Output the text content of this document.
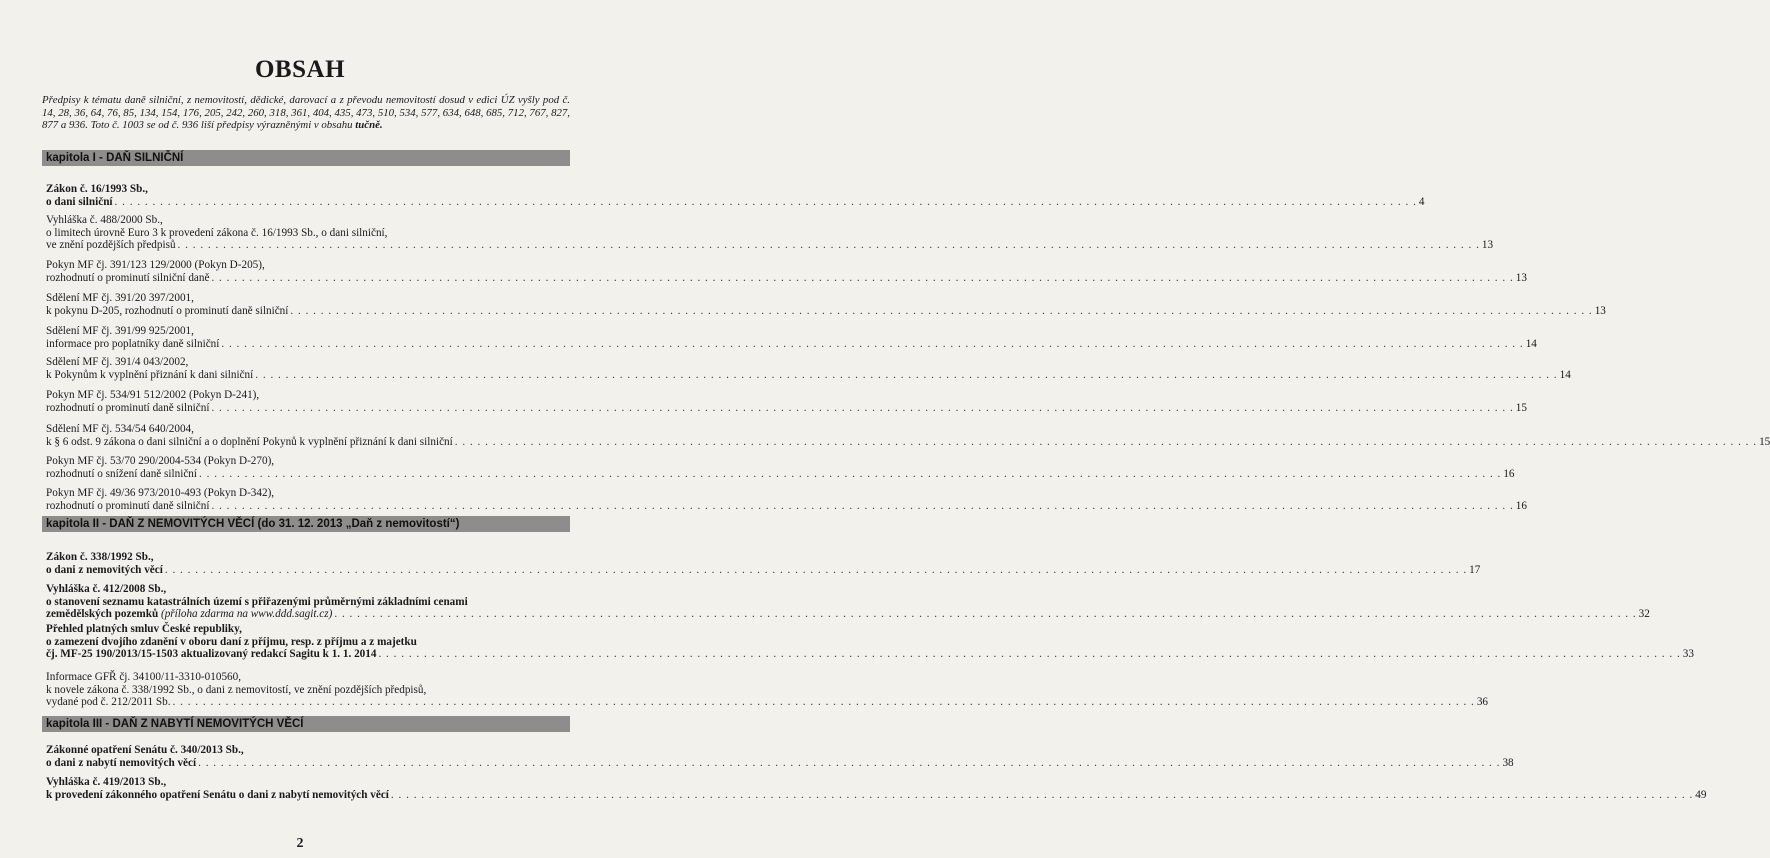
OBSAH
Předpisy k tématu daně silniční, z nemovitostí, dědické, darovací a z převodu nemovitostí dosud v edici ÚZ vyšly pod č. 14, 28, 36, 64, 76, 85, 134, 154, 176, 205, 242, 260, 318, 361, 404, 435, 473, 510, 534, 577, 634, 648, 685, 712, 767, 827, 877 a 936. Toto č. 1003 se od č. 936 liší předpisy výrazněnými v obsahu tučně.
kapitola I - DAŇ SILNIČNÍ
Zákon č. 16/1993 Sb.,
o dani silniční . . . . . . . . . . . . . . . . . . . . . . . . . . . . . . . . . . . . . . . . . . . . . . . . . . . . . . . . . . . . . . . . . . . . . . . . . . . . . . . . . . . . . . . . . . . . . . . . . . . . . . . . . . . . . . . . . . . . . . . . . . . . . . . . . . . . . . . . . . . . . . . . . . . . . . . . . . . . . . . . . . . . . . . . . . . . 4
Vyhláška č. 488/2000 Sb.,
o limitech úrovně Euro 3 k provedení zákona č. 16/1993 Sb., o dani silniční,
ve znění pozdějších předpisů . . . . . . . . . . . . . . . . . . . . . . . . . . . . . . . . . . . . . . . . . . . . . . . . . . . . . . . . . . . . . . . . . . . . . . . . . . . . . . . . . . . . . . . . . . . . . . . . . . . . . . . . . . . . . . . . . . . . . . . . . . . . . . . . . . . . . . . . . . . . . . . . . . . . . . . . . . . . . . . . . . . . . . . . . . . . 13
Pokyn MF čj. 391/123 129/2000 (Pokyn D-205),
rozhodnutí o prominutí silniční daně . . . . . . . . . . . . . . . . . . . . . . . . . . . . . . . . . . . . . . . . . . . . . . . . . . . . . . . . . . . . . . . . . . . . . . . . . . . . . . . . . . . . . . . . . . . . . . . . . . . . . . . . . . . . . . . . . . . . . . . . . . . . . . . . . . . . . . . . . . . . . . . . . . . . . . . . . . . . . . . . . . . . . . . . . . . . 13
Sdělení MF čj. 391/20 397/2001,
k pokynu D-205, rozhodnutí o prominutí daně silniční . . . . . . . . . . . . . . . . . . . . . . . . . . . . . . . . . . . . . . . . . . . . . . . . . . . . . . . . . . . . . . . . . . . . . . . . . . . . . . . . . . . . . . . . . . . . . . . . . . . . . . . . . . . . . . . . . . . . . . . . . . . . . . . . . . . . . . . . . . . . . . . . . . . . . . . . . . . . . . . . . . . . . . . . . . . . 13
Sdělení MF čj. 391/99 925/2001,
informace pro poplatníky daně silniční . . . . . . . . . . . . . . . . . . . . . . . . . . . . . . . . . . . . . . . . . . . . . . . . . . . . . . . . . . . . . . . . . . . . . . . . . . . . . . . . . . . . . . . . . . . . . . . . . . . . . . . . . . . . . . . . . . . . . . . . . . . . . . . . . . . . . . . . . . . . . . . . . . . . . . . . . . . . . . . . . . . . . . . . . . . . 14
Sdělení MF čj. 391/4 043/2002,
k Pokynům k vyplnění přiznání k dani silniční . . . . . . . . . . . . . . . . . . . . . . . . . . . . . . . . . . . . . . . . . . . . . . . . . . . . . . . . . . . . . . . . . . . . . . . . . . . . . . . . . . . . . . . . . . . . . . . . . . . . . . . . . . . . . . . . . . . . . . . . . . . . . . . . . . . . . . . . . . . . . . . . . . . . . . . . . . . . . . . . . . . . . . . . . . . . 14
Pokyn MF čj. 534/91 512/2002 (Pokyn D-241),
rozhodnutí o prominutí daně silniční . . . . . . . . . . . . . . . . . . . . . . . . . . . . . . . . . . . . . . . . . . . . . . . . . . . . . . . . . . . . . . . . . . . . . . . . . . . . . . . . . . . . . . . . . . . . . . . . . . . . . . . . . . . . . . . . . . . . . . . . . . . . . . . . . . . . . . . . . . . . . . . . . . . . . . . . . . . . . . . . . . . . . . . . . . . . 15
Sdělení MF čj. 534/54 640/2004,
k § 6 odst. 9 zákona o dani silniční a o doplnění Pokynů k vyplnění přiznání k dani silniční . . . . . . . . . . . . . . . . . . . . . . . . . . . . . . . . . . . . . . . . . . . . . . . . . . . . . . . . . . . . . . . . . . . . . . . . . . . . . . . . . . . . . . . . . . . . . . . . . . . . . . . . . . . . . . . . . . . . . . . . . . . . . . . . . . . . . . . . . . . . . . . . . . . . . . . . . . . . . . . . . . . . . . . . . . . . 15
Pokyn MF čj. 53/70 290/2004-534 (Pokyn D-270),
rozhodnutí o snížení daně silniční . . . . . . . . . . . . . . . . . . . . . . . . . . . . . . . . . . . . . . . . . . . . . . . . . . . . . . . . . . . . . . . . . . . . . . . . . . . . . . . . . . . . . . . . . . . . . . . . . . . . . . . . . . . . . . . . . . . . . . . . . . . . . . . . . . . . . . . . . . . . . . . . . . . . . . . . . . . . . . . . . . . . . . . . . . . . 16
Pokyn MF čj. 49/36 973/2010-493 (Pokyn D-342),
rozhodnutí o prominutí daně silniční . . . . . . . . . . . . . . . . . . . . . . . . . . . . . . . . . . . . . . . . . . . . . . . . . . . . . . . . . . . . . . . . . . . . . . . . . . . . . . . . . . . . . . . . . . . . . . . . . . . . . . . . . . . . . . . . . . . . . . . . . . . . . . . . . . . . . . . . . . . . . . . . . . . . . . . . . . . . . . . . . . . . . . . . . . . . 16
kapitola II - DAŇ Z NEMOVITÝCH VĚCÍ (do 31. 12. 2013 „Daň z nemovitostí“)
Zákon č. 338/1992 Sb.,
o dani z nemovitých věcí . . . . . . . . . . . . . . . . . . . . . . . . . . . . . . . . . . . . . . . . . . . . . . . . . . . . . . . . . . . . . . . . . . . . . . . . . . . . . . . . . . . . . . . . . . . . . . . . . . . . . . . . . . . . . . . . . . . . . . . . . . . . . . . . . . . . . . . . . . . . . . . . . . . . . . . . . . . . . . . . . . . . . . . . . . . . 17
Vyhláška č. 412/2008 Sb.,
o stanovení seznamu katastrálních území s přiřazenými průměrnými základními cenami
zemědělských pozemků (příloha zdarma na www.ddd.sagit.cz) . . . . . . . . . . . . . . . . . . . . . . . . . . . . . . . . . . . . . . . . . . . . . . . . . . . . . . . . . . . . . . . . . . . . . . . . . . . . . . . . . . . . . . . . . . . . . . . . . . . . . . . . . . . . . . . . . . . . . . . . . . . . . . . . . . . . . . . . . . . . . . . . . . . . . . . . . . . . . . . . . . . . . . . . . . . . 32
Přehled platných smluv České republiky,
o zamezení dvojího zdanění v oboru daní z příjmu, resp. z příjmu a z majetku
čj. MF-25 190/2013/15-1503 aktualizovaný redakcí Sagitu k 1. 1. 2014 . . . . . . . . . . . . . . . . . . . . . . . . . . . . . . . . . . . . . . . . . . . . . . . . . . . . . . . . . . . . . . . . . . . . . . . . . . . . . . . . . . . . . . . . . . . . . . . . . . . . . . . . . . . . . . . . . . . . . . . . . . . . . . . . . . . . . . . . . . . . . . . . . . . . . . . . . . . . . . . . . . . . . . . . . . . . 33
Informace GFŘ čj. 34100/11-3310-010560,
k novele zákona č. 338/1992 Sb., o dani z nemovitostí, ve znění pozdějších předpisů,
vydané pod č. 212/2011 Sb. . . . . . . . . . . . . . . . . . . . . . . . . . . . . . . . . . . . . . . . . . . . . . . . . . . . . . . . . . . . . . . . . . . . . . . . . . . . . . . . . . . . . . . . . . . . . . . . . . . . . . . . . . . . . . . . . . . . . . . . . . . . . . . . . . . . . . . . . . . . . . . . . . . . . . . . . . . . . . . . . . . . . . . . . . . . . 36
kapitola III - DAŇ Z NABYTÍ NEMOVITÝCH VĚCÍ
Zákonné opatření Senátu č. 340/2013 Sb.,
o dani z nabytí nemovitých věcí . . . . . . . . . . . . . . . . . . . . . . . . . . . . . . . . . . . . . . . . . . . . . . . . . . . . . . . . . . . . . . . . . . . . . . . . . . . . . . . . . . . . . . . . . . . . . . . . . . . . . . . . . . . . . . . . . . . . . . . . . . . . . . . . . . . . . . . . . . . . . . . . . . . . . . . . . . . . . . . . . . . . . . . . . . . . 38
Vyhláška č. 419/2013 Sb.,
k provedení zákonného opatření Senátu o dani z nabytí nemovitých věcí . . . . . . . . . . . . . . . . . . . . . . . . . . . . . . . . . . . . . . . . . . . . . . . . . . . . . . . . . . . . . . . . . . . . . . . . . . . . . . . . . . . . . . . . . . . . . . . . . . . . . . . . . . . . . . . . . . . . . . . . . . . . . . . . . . . . . . . . . . . . . . . . . . . . . . . . . . . . . . . . . . . . . . . . . . . . 49
2
